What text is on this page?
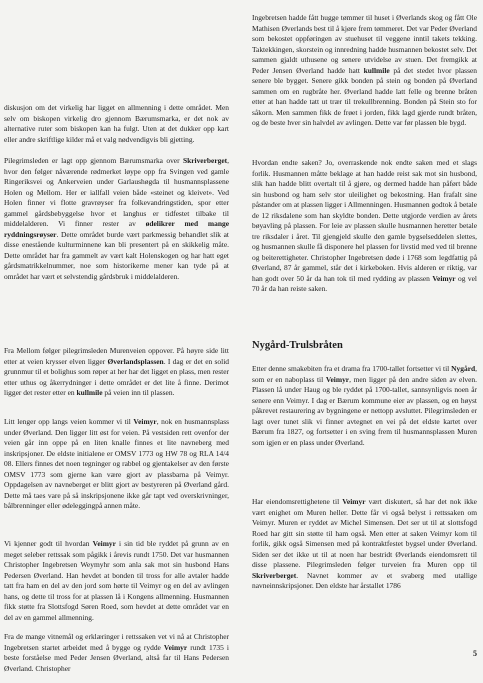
diskusjon om det virkelig har ligget en allmenning i dette området. Men selv om biskopen virkelig dro gjennom Bærumsmarka, er det nok av alternative ruter som biskopen kan ha fulgt. Uten at det dukker opp kart eller andre skriftlige kilder må et valg nødvendigvis bli gjetting.

Pilegrimsleden er lagt opp gjennom Bærumsmarka over Skriverberget, hvor den følger nåværende rødmerket løype opp fra Svingen ved gamle Ringeriksvei og Ankerveien under Garlaushøgda til husmannsplassene Holen og Mellom. Her er iallfall veien både «steinet og kleivet». Ved Holen finner vi flotte gravrøyser fra folkevandringstiden, spor etter gammel gårdsbebyggelse hvor et langhus er tidfestet tilbake til middelalderen. Vi finner rester av ødelikrer med mange ryddningsrøyser. Dette området burde vært parkmessig behandlet slik at disse enestående kulturminnene kan bli presentert på en skikkelig måte. Dette området har fra gammelt av vært kalt Holenskogen og har hatt eget gårdsmatrikkelnummer, noe som historikerne mener kan tyde på at området har vært et selvstendig gårdsbruk i middelalderen.

Fra Mellom følger pilegrimsleden Murenveien oppover. På høyre side litt etter at veien krysser elven ligger Øverlandsplassen. I dag er det en solid grunnmur til et bolighus som røper at her har det ligget en plass, men rester etter uthus og åkerrydninger i dette området er det lite å finne. Derimot ligger det rester etter en kullmile på veien inn til plassen.

Litt lenger opp langs veien kommer vi til Veimyr, nok en husmannsplass under Øverland. Den ligger litt øst for veien. På vestsiden rett ovenfor der veien går inn oppe på en liten knalle finnes et lite navneberg med inskripsjoner. De eldste initialene er OMSV 1773 og HW 78 og RLA 14/4 08. Ellers finnes det noen tegninger og rabbel og gjentakelser av den første OMSV 1773 som gjerne kan være gjort av plassbarna på Veimyr. Oppdagelsen av navneberget er blitt gjort av bestyreren på Øverland gård. Dette må taes vare på så inskripsjonene ikke går tapt ved overskrivninger, bålbrenninger eller ødeleggingpå annen måte.

Vi kjenner godt til hvordan Veimyr i sin tid ble ryddet på grunn av en meget seleber rettssak som pågikk i årevis rundt 1750. Det var husmannen Christopher Ingebretsen Weymyhr som anla sak mot sin husbond Hans Pedersen Øverland. Han hevdet at bonden til tross for alle avtaler hadde tatt fra ham en del av den jord som hørte til Veimyr og en del av avlingen hans, og dette til tross for at plassen lå i Kongens allmenning. Husmannen fikk støtte fra Slottsfogd Søren Roed, som hevdet at dette området var en del av en gammel allmenning.

Fra de mange vitnemål og erklæringer i rettssaken vet vi nå at Christopher Ingebretsen startet arbeidet med å bygge og rydde Veimyr rundt 1735 i beste forståelse med Peder Jensen Øverland, altså far til Hans Pedersen Øverland. Christopher

Ingebretsen hadde fått hugge tømmer til huset i Øverlands skog og fått Ole Mathisen Øverlands best til å kjøre frem tømmeret. Det var Peder Øverland som bekostet oppføringen av stuehuset til veggene inntil takets tekking. Taktekkingen, skorstein og innredning hadde husmannen bekostet selv. Det sammen gjaldt uthusene og senere utvidelse av stuen. Det fremgikk at Peder Jensen Øverland hadde hatt kullmile på det stedet hvor plassen senere ble bygget. Senere gikk bonden på stein og bonden på Øverland sammen om en rugbråte her. Øverland hadde latt felle og brenne bråten etter at han hadde tatt ut trær til trekullbrenning. Bonden på Stein sto for såkorn. Men sammen fikk de frøet i jorden, fikk lagd gjerde rundt bråten, og de beste hver sin halvdel av avlingen. Dette var før plassen ble bygd.

Hvordan endte saken? Jo, overraskende nok endte saken med et slags forlik. Husmannen måtte beklage at han hadde reist sak mot sin husbond, slik han hadde blitt overtalt til å gjøre, og dermed hadde han påført både sin husbond og ham selv stor uleilighet og bekostning. Han frafalt sine påstander om at plassen ligger i Allmenningen. Husmannen godtok å betale de 12 riksdalene som han skyldte bonden. Dette utgjorde verdien av årets bøyavling på plassen. For leie av plassen skulle husmannen heretter betale tre riksdaler i året. Til gjengjeld skulle den gamle bygselseddelen slettes, og husmannen skulle få disponere hel plassen for livstid med ved til brenne og beiterettigheter. Christopher Ingebretsen døde i 1768 som legdfattig på Øverland, 87 år gammel, står det i kirkeboken. Hvis alderen er riktig, var han godt over 50 år da han tok til med rydding av plassen Veimyr og vel 70 år da han reiste saken.

Nygård-Truls​bråten

Etter denne smakebiten fra et drama fra 1700-tallet fortsetter vi til Nygård, som er en naboplass til Veimyr, men ligger på den andre siden av elven. Plassen lå under Haug og ble ryddet på 1700-tallet, sannsynligvis noen år senere enn Veimyr. I dag er Bærum kommune eier av plassen, og en høyst påkrevet restaurering av bygningene er nettopp avsluttet. Pilegrimsleden er lagt over tunet slik vi finner avtegnet en vei på det eldste kartet over Bærum fra 1827, og fortsetter i en sving frem til husmannsplassen Muren som igjen er en plass under Øverland.

Har eiendomsrettighetene til Veimyr vært diskutert, så har det nok ikke vært enighet om Muren heller. Dette får vi også belyst i rettssaken om Veimyr. Muren er ryddet av Michel Simensen. Det ser ut til at slottsfogd Roed har gitt sin støtte til ham også. Men etter at saken Veimyr kom til forlik, gikk også Simensen med på kontraktfestet bygsel under Øverland. Siden ser det ikke ut til at noen har bestridt Øverlands eiendomsrett til disse plassene. Pilegrimsleden følger turveien fra Muren opp til Skriverberget. Navnet kommer av et svaberg med utallige navneinnskripsjoner. Den eldste har årstallet 1786

5
